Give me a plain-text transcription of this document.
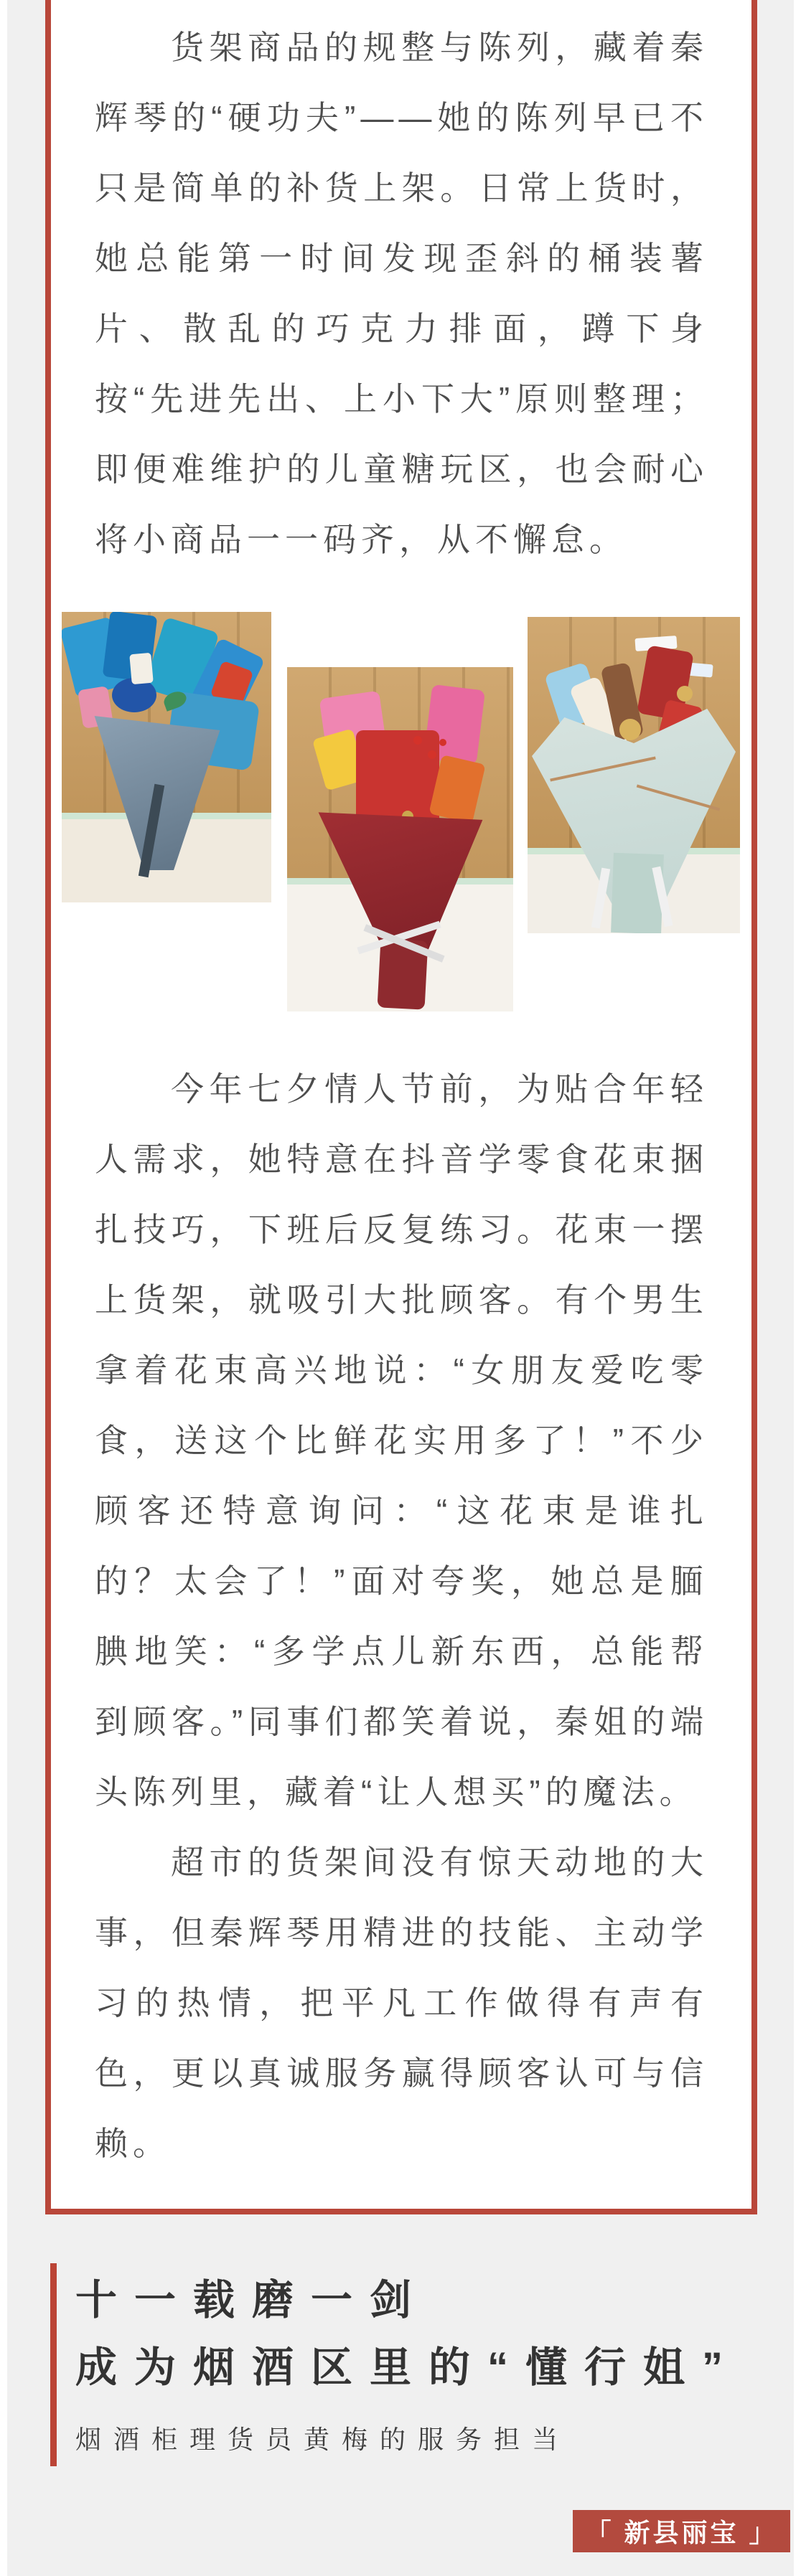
货架商品的规整与陈列，藏着秦辉琴的“硬功夫”——她的陈列早已不只是简单的补货上架。日常上货时，她总能第一时间发现歪斜的桶装薯片、散乱的巧克力排面，蹲下身按“先进先出、上小下大”原则整理；即便难维护的儿童糖玩区，也会耐心将小商品一一码齐，从不懈怠。

今年七夕情人节前，为贴合年轻人需求，她特意在抖音学零食花束捆扎技巧，下班后反复练习。花束一摆上货架，就吸引大批顾客。有个男生拿着花束高兴地说：“女朋友爱吃零食，送这个比鲜花实用多了！”不少顾客还特意询问：“这花束是谁扎的？太会了！”面对夸奖，她总是腼腆地笑：“多学点儿新东西，总能帮到顾客。”同事们都笑着说，秦姐的端头陈列里，藏着“让人想买”的魔法。

超市的货架间没有惊天动地的大事，但秦辉琴用精进的技能、主动学习的热情，把平凡工作做得有声有色，更以真诚服务赢得顾客认可与信赖。

十一载磨一剑
成为烟酒区里的“懂行姐”
烟酒柜理货员黄梅的服务担当
「 新县丽宝 」
